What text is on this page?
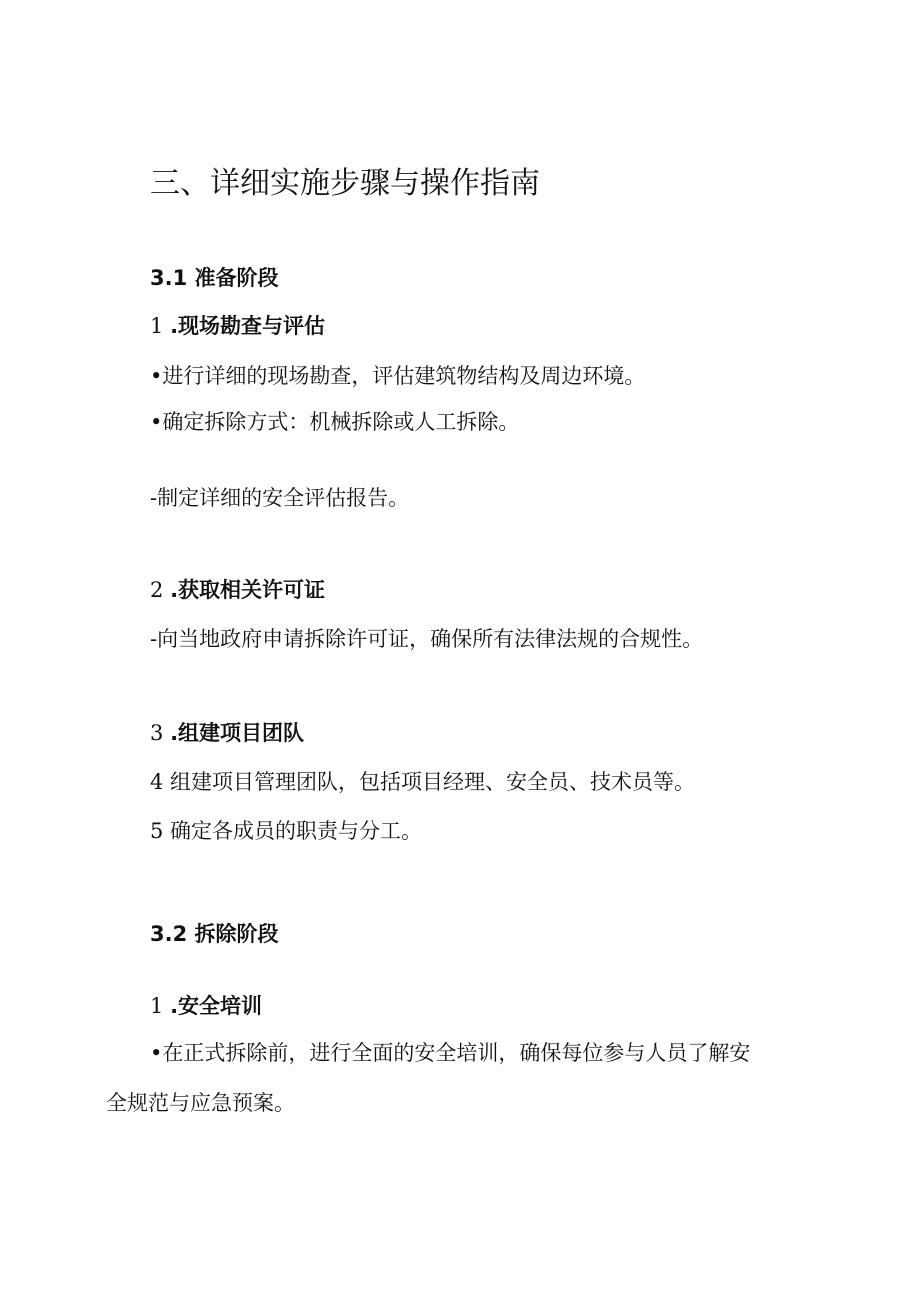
三、详细实施步骤与操作指南
3.1 准备阶段
1 .现场勘查与评估

•进行详细的现场勘查，评估建筑物结构及周边环境。

•确定拆除方式：机械拆除或人工拆除。

-制定详细的安全评估报告。

2 .获取相关许可证

-向当地政府申请拆除许可证，确保所有法律法规的合规性。

3 .组建项目团队

4 组建项目管理团队，包括项目经理、安全员、技术员等。

5 确定各成员的职责与分工。

3.2 拆除阶段
1 .安全培训

•在正式拆除前，进行全面的安全培训，确保每位参与人员了解安

全规范与应急预案。
